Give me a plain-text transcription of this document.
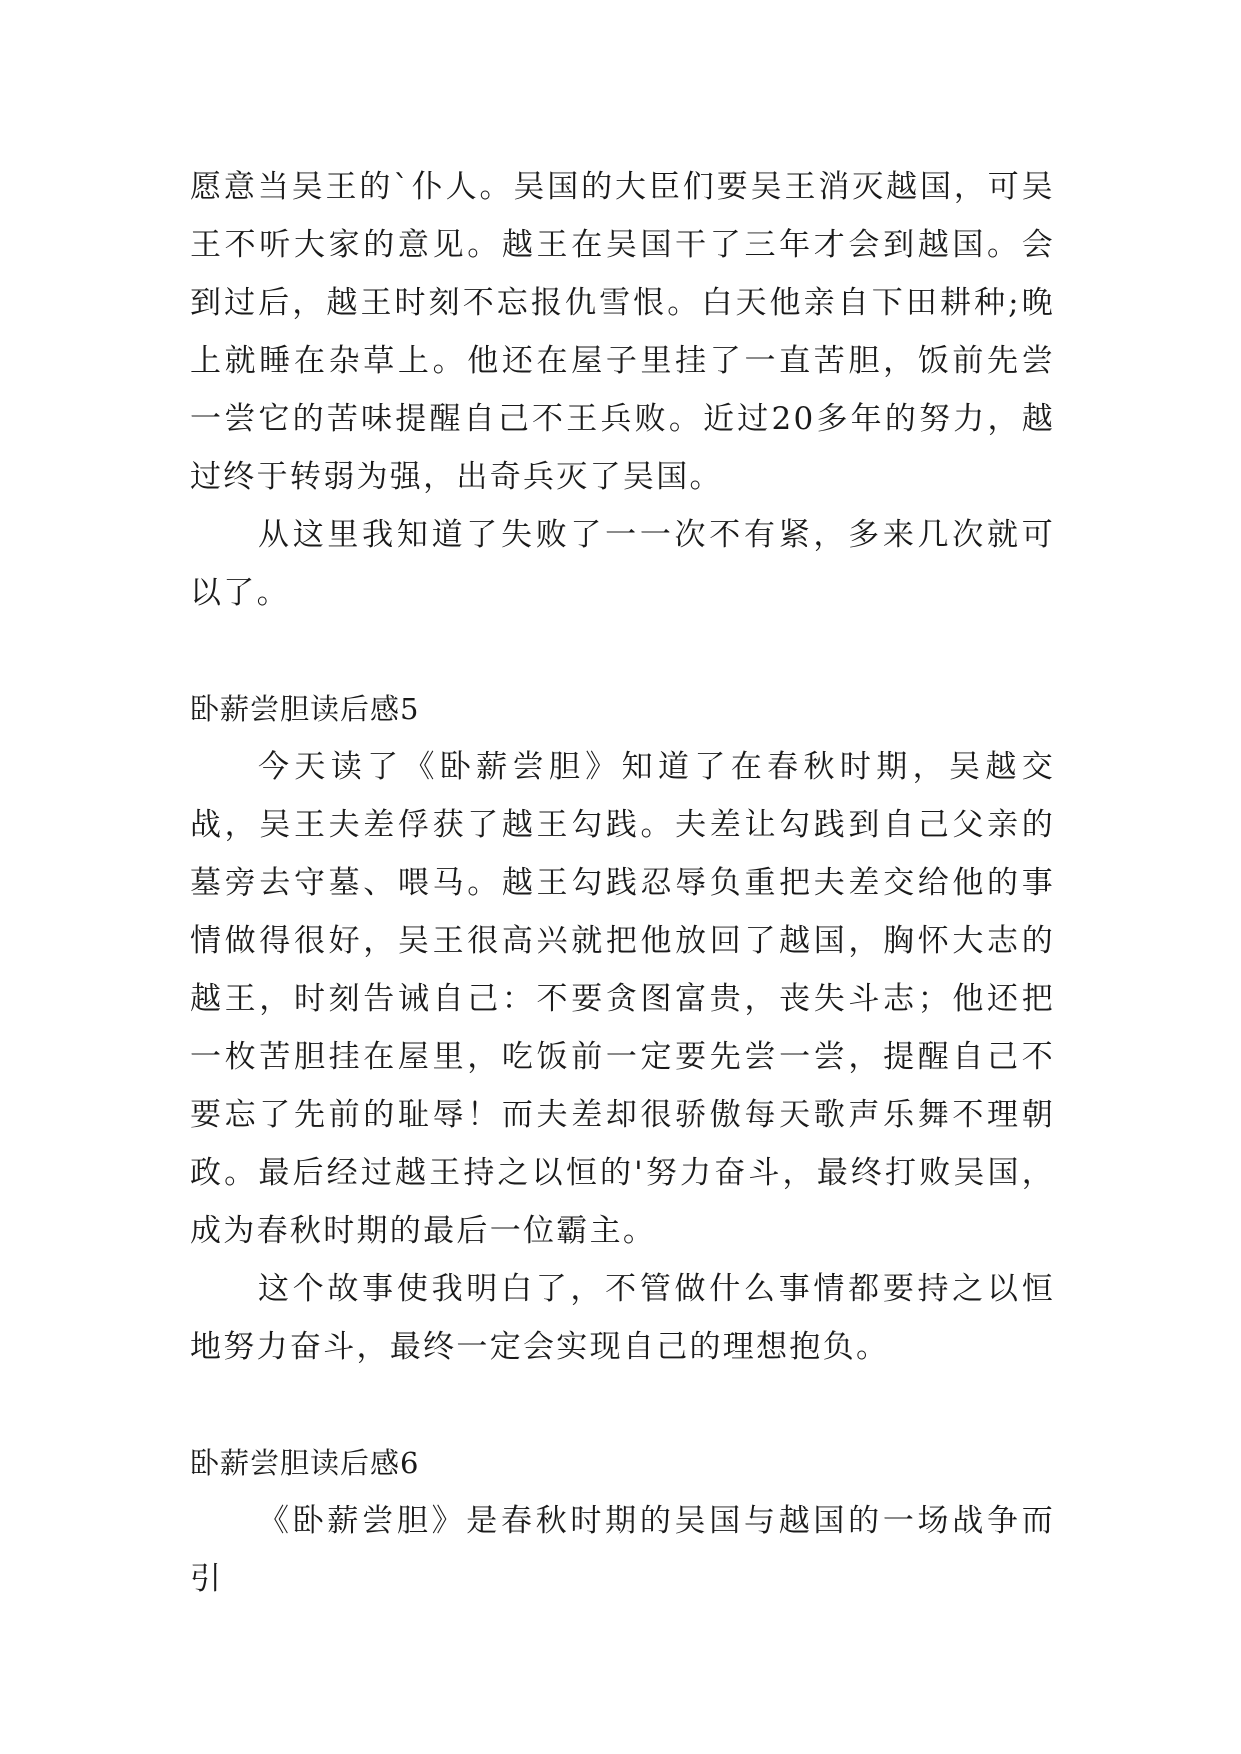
愿意当吴王的`仆人。吴国的大臣们要吴王消灭越国，可吴王不听大家的意见。越王在吴国干了三年才会到越国。会到过后，越王时刻不忘报仇雪恨。白天他亲自下田耕种;晚上就睡在杂草上。他还在屋子里挂了一直苦胆，饭前先尝一尝它的苦味提醒自己不王兵败。近过20多年的努力，越过终于转弱为强，出奇兵灭了吴国。

从这里我知道了失败了一一次不有紧，多来几次就可以了。

卧薪尝胆读后感5

今天读了《卧薪尝胆》知道了在春秋时期，吴越交战，吴王夫差俘获了越王勾践。夫差让勾践到自己父亲的墓旁去守墓、喂马。越王勾践忍辱负重把夫差交给他的事情做得很好，吴王很高兴就把他放回了越国，胸怀大志的越王，时刻告诫自己：不要贪图富贵，丧失斗志；他还把一枚苦胆挂在屋里，吃饭前一定要先尝一尝，提醒自己不要忘了先前的耻辱！而夫差却很骄傲每天歌声乐舞不理朝政。最后经过越王持之以恒的'努力奋斗，最终打败吴国，成为春秋时期的最后一位霸主。

这个故事使我明白了，不管做什么事情都要持之以恒地努力奋斗，最终一定会实现自己的理想抱负。

卧薪尝胆读后感6

《卧薪尝胆》是春秋时期的吴国与越国的一场战争而引
